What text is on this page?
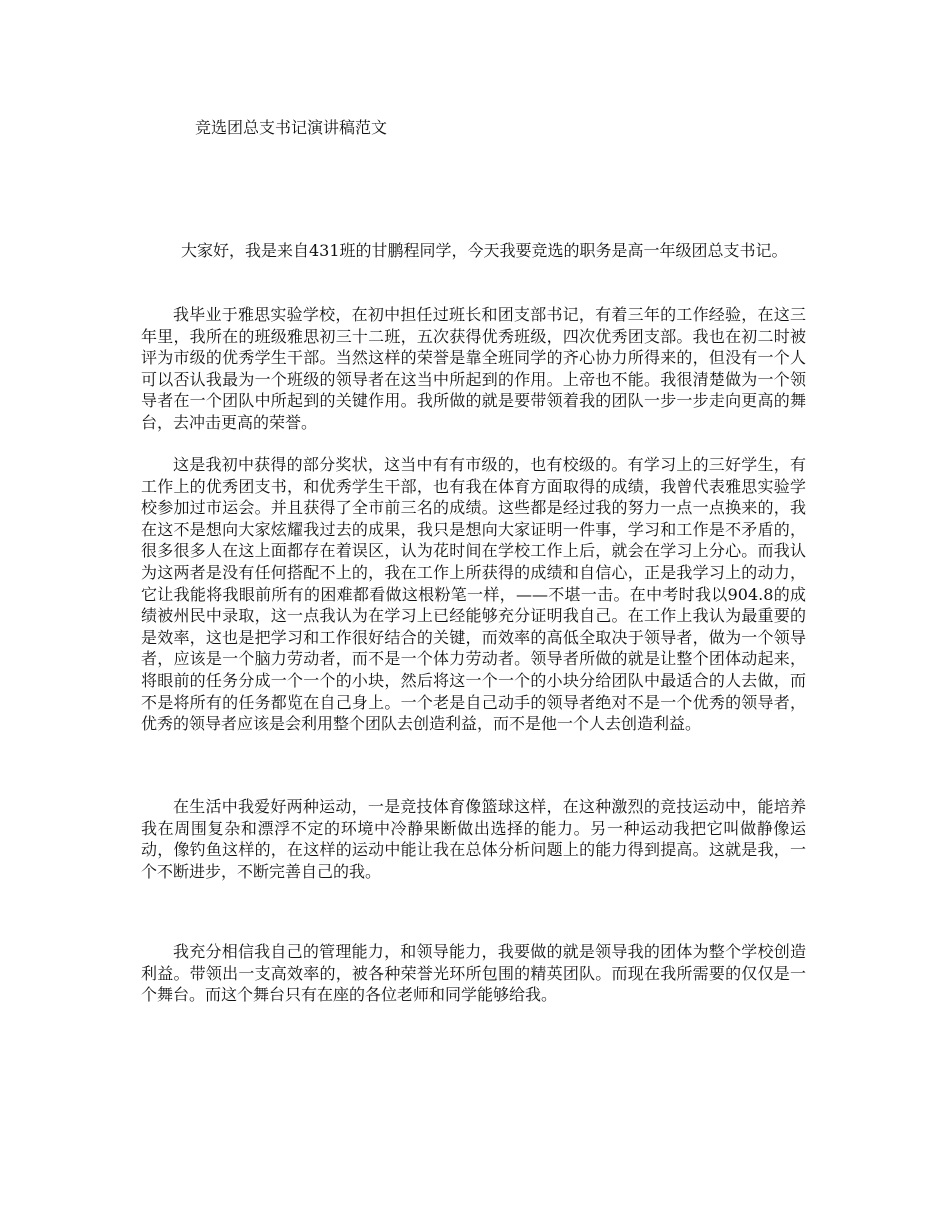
竞选团总支书记演讲稿范文

大家好，我是来自431班的甘鹏程同学，今天我要竞选的职务是高一年级团总支书记。

我毕业于雅思实验学校，在初中担任过班长和团支部书记，有着三年的工作经验，在这三年里，我所在的班级雅思初三十二班，五次获得优秀班级，四次优秀团支部。我也在初二时被评为市级的优秀学生干部。当然这样的荣誉是靠全班同学的齐心协力所得来的，但没有一个人可以否认我最为一个班级的领导者在这当中所起到的作用。上帝也不能。我很清楚做为一个领导者在一个团队中所起到的关键作用。我所做的就是要带领着我的团队一步一步走向更高的舞台，去冲击更高的荣誉。

这是我初中获得的部分奖状，这当中有有市级的，也有校级的。有学习上的三好学生，有工作上的优秀团支书，和优秀学生干部，也有我在体育方面取得的成绩，我曾代表雅思实验学校参加过市运会。并且获得了全市前三名的成绩。这些都是经过我的努力一点一点换来的，我在这不是想向大家炫耀我过去的成果，我只是想向大家证明一件事，学习和工作是不矛盾的，很多很多人在这上面都存在着误区，认为花时间在学校工作上后，就会在学习上分心。而我认为这两者是没有任何搭配不上的，我在工作上所获得的成绩和自信心，正是我学习上的动力，它让我能将我眼前所有的困难都看做这根粉笔一样，——不堪一击。在中考时我以904.8的成绩被州民中录取，这一点我认为在学习上已经能够充分证明我自己。在工作上我认为最重要的是效率，这也是把学习和工作很好结合的关键，而效率的高低全取决于领导者，做为一个领导者，应该是一个脑力劳动者，而不是一个体力劳动者。领导者所做的就是让整个团体动起来，将眼前的任务分成一个一个的小块，然后将这一个一个的小块分给团队中最适合的人去做，而不是将所有的任务都览在自己身上。一个老是自己动手的领导者绝对不是一个优秀的领导者，优秀的领导者应该是会利用整个团队去创造利益，而不是他一个人去创造利益。

在生活中我爱好两种运动，一是竞技体育像篮球这样，在这种激烈的竞技运动中，能培养我在周围复杂和漂浮不定的环境中冷静果断做出选择的能力。另一种运动我把它叫做静像运动，像钓鱼这样的，在这样的运动中能让我在总体分析问题上的能力得到提高。这就是我，一个不断进步，不断完善自己的我。

我充分相信我自己的管理能力，和领导能力，我要做的就是领导我的团体为整个学校创造利益。带领出一支高效率的，被各种荣誉光环所包围的精英团队。而现在我所需要的仅仅是一个舞台。而这个舞台只有在座的各位老师和同学能够给我。
